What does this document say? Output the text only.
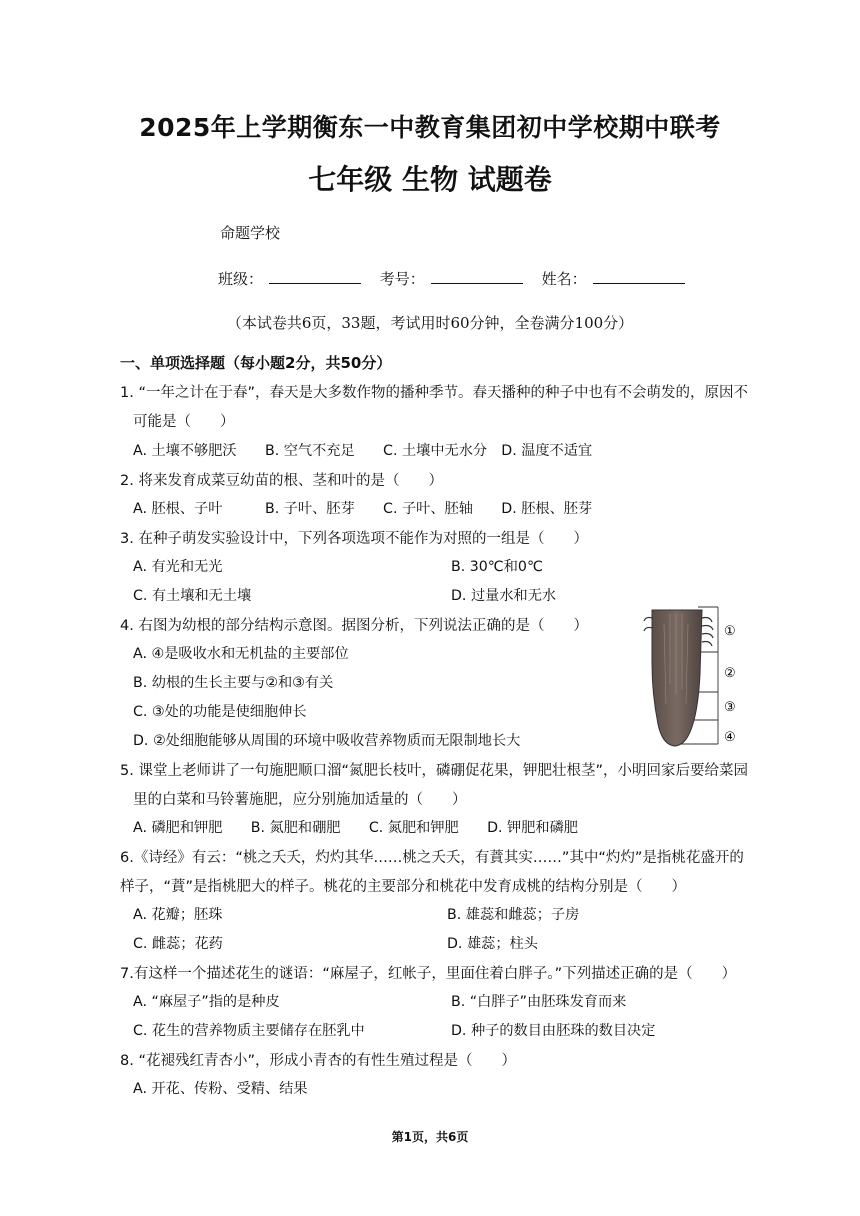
2025年上学期衡东一中教育集团初中学校期中联考
七年级 生物 试题卷
命题学校
班级：	考号：	姓名：
（本试卷共6页，33题，考试用时60分钟，全卷满分100分）
一、单项选择题（每小题2分，共50分）
1. “一年之计在于春”，春天是大多数作物的播种季节。春天播种的种子中也有不会萌发的，原因不
可能是（　　）
A. 土壤不够肥沃　　B. 空气不充足　　C. 土壤中无水分　D. 温度不适宜
2. 将来发育成菜豆幼苗的根、茎和叶的是（　　）
A. 胚根、子叶　　　B. 子叶、胚芽　　C. 子叶、胚轴　　D. 胚根、胚芽
3. 在种子萌发实验设计中，下列各项选项不能作为对照的一组是（　　）
A. 有光和无光	B. 30℃和0℃
C. 有土壤和无土壤	D. 过量水和无水
4. 右图为幼根的部分结构示意图。据图分析，下列说法正确的是（　　）
A. ④是吸收水和无机盐的主要部位
B. 幼根的生长主要与②和③有关
C. ③处的功能是使细胞伸长
D. ②处细胞能够从周围的环境中吸收营养物质而无限制地长大
①
②
③
④
5. 课堂上老师讲了一句施肥顺口溜“氮肥长枝叶，磷硼促花果，钾肥壮根茎”，小明回家后要给菜园
里的白菜和马铃薯施肥，应分别施加适量的（　　）
A. 磷肥和钾肥　　B. 氮肥和硼肥　　C. 氮肥和钾肥　　D. 钾肥和磷肥
6.《诗经》有云：“桃之夭夭，灼灼其华……桃之夭夭，有蕡其实……”其中“灼灼”是指桃花盛开的
样子，“蕡”是指桃肥大的样子。桃花的主要部分和桃花中发育成桃的结构分别是（　　）
A. 花瓣；胚珠	B. 雄蕊和雌蕊；子房
C. 雌蕊；花药	D. 雄蕊；柱头
7.有这样一个描述花生的谜语：“麻屋子，红帐子，里面住着白胖子。”下列描述正确的是（　　）
A. “麻屋子”指的是种皮	B. “白胖子”由胚珠发育而来
C. 花生的营养物质主要储存在胚乳中	D. 种子的数目由胚珠的数目决定
8. “花褪残红青杏小”，形成小青杏的有性生殖过程是（　　）
A. 开花、传粉、受精、结果
第1页，共6页
